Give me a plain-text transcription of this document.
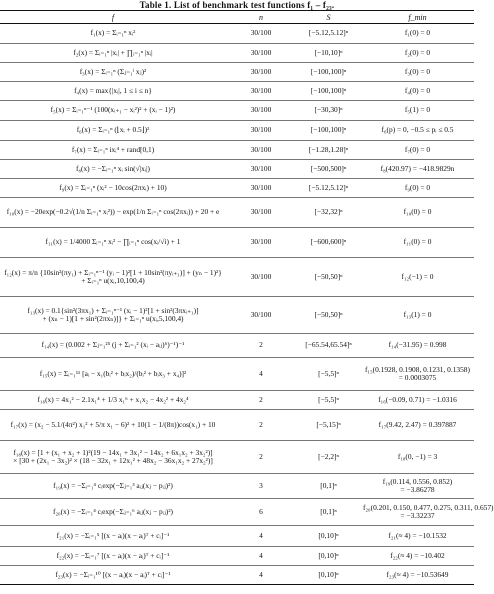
Table 1. List of benchmark test functions f₁ – f₂₃.
f	n	S	f_min

f₁(x) = Σᵢ₌₁ⁿ xᵢ²	30/100	[−5.12,5.12]ⁿ	f₁(0) = 0

f₂(x) = Σᵢ₌₁ⁿ |xᵢ| + ∏ᵢ₌₁ⁿ |xᵢ|	30/100	[−10,10]ⁿ	f₂(0) = 0

f₃(x) = Σᵢ₌₁ⁿ (Σⱼ₌₁ⁱ xⱼ)²	30/100	[−100,100]ⁿ	f₃(0) = 0

f₄(x) = max{|xᵢ|, 1 ≤ i ≤ n}	30/100	[−100,100]ⁿ	f₄(0) = 0

f₅(x) = Σᵢ₌₁ⁿ⁻¹ (100(xᵢ₊₁ − xᵢ²)² + (xᵢ − 1)²)	30/100	[−30,30]ⁿ	f₅(1) = 0

f₆(x) = Σᵢ₌₁ⁿ (⌊xᵢ + 0.5⌋)²	30/100	[−100,100]ⁿ	f₆(p) = 0, −0.5 ≤ pᵢ ≤ 0.5

f₇(x) = Σᵢ₌₁ⁿ ixᵢ⁴ + rand[0,1)	30/100	[−1.28,1.28]ⁿ	f₇(0) = 0

f₈(x) = −Σᵢ₌₁ⁿ xᵢ sin(√|xᵢ|)	30/100	[−500,500]ⁿ	f₈(420.97) = −418.9829n

f₉(x) = Σᵢ₌₁ⁿ (xᵢ² − 10cos(2πxᵢ) + 10)	30/100	[−5.12,5.12]ⁿ	f₉(0) = 0

f₁₀(x) = −20exp(−0.2√(1/n Σᵢ₌₁ⁿ xᵢ²)) − exp(1/n Σᵢ₌₁ⁿ cos(2πxᵢ)) + 20 + e	30/100	[−32,32]ⁿ	f₁₀(0) = 0

f₁₁(x) = 1/4000 Σᵢ₌₁ⁿ xᵢ² − ∏ᵢ₌₁ⁿ cos(xᵢ/√i) + 1	30/100	[−600,600]ⁿ	f₁₁(0) = 0

f₁₂(x) = π/n {10sin²(πy₁) + Σᵢ₌₁ⁿ⁻¹ (yᵢ − 1)²[1 + 10sin²(πyᵢ₊₁)] + (yₙ − 1)²}
+ Σᵢ₌₁ⁿ u(xᵢ,10,100,4)	30/100	[−50,50]ⁿ	f₁₂(−1) = 0

f₁₃(x) = 0.1{sin²(3πx₁) + Σᵢ₌₁ⁿ⁻¹ (xᵢ − 1)²[1 + sin²(3πxᵢ₊₁)]
+ (xₙ − 1)[1 + sin²(2πxₙ)]} + Σᵢ₌₁ⁿ u(xᵢ,5,100,4)	30/100	[−50,50]ⁿ	f₁₃(1) = 0

f₁₄(x) = (0.002 + Σⱼ₌₁²⁵ (j + Σᵢ₌₁² (xᵢ − aᵢⱼ)⁶)⁻¹)⁻¹	2	[−65.54,65.54]ⁿ	f₁₄(−31.95) = 0.998

f₁₅(x) = Σᵢ₌₁¹¹ [aᵢ − x₁(bᵢ² + bᵢx₂)/(bᵢ² + bᵢx₃ + x₄)]²	4	[−5,5]ⁿ	f₁₅(0.1928, 0.1908, 0.1231, 0.1358)
= 0.0003075

f₁₆(x) = 4x₁² − 2.1x₁⁴ + 1/3 x₁⁶ + x₁x₂ − 4x₂² + 4x₂⁴	2	[−5,5]ⁿ	f₁₆(−0.09, 0.71) = −1.0316

f₁₇(x) = (x₂ − 5.1/(4π²) x₁² + 5/π x₁ − 6)² + 10(1 − 1/(8π))cos(x₁) + 10	2	[−5,15]ⁿ	f₁₇(9.42, 2.47) = 0.397887

f₁₈(x) = [1 + (x₁ + x₂ + 1)²(19 − 14x₁ + 3x₁² − 14x₂ + 6x₁x₂ + 3x₂²)]
× [30 + (2x₁ − 3x₂)² × (18 − 32x₁ + 12x₁² + 48x₂ − 36x₁x₂ + 27x₂²)]	2	[−2,2]ⁿ	f₁₈(0, −1) = 3

f₁₉(x) = −Σᵢ₌₁⁴ cᵢexp(−Σⱼ₌₁³ aᵢⱼ(xⱼ − pᵢⱼ)²)	3	[0,1]ⁿ	f₁₉(0.114, 0.556, 0.852)
= −3.86278

f₂₀(x) = −Σᵢ₌₁⁴ cᵢexp(−Σⱼ₌₁⁶ aᵢⱼ(xⱼ − pᵢⱼ)²)	6	[0,1]ⁿ	f₂₀(0.201, 0.150, 0.477, 0.275, 0.311, 0.657)
= −3.32237

f₂₁(x) = −Σᵢ₌₁⁵ [(x − aᵢ)(x − aᵢ)ᵀ + cᵢ]⁻¹	4	[0,10]ⁿ	f₂₁(≈ 4) = −10.1532

f₂₂(x) = −Σᵢ₌₁⁷ [(x − aᵢ)(x − aᵢ)ᵀ + cᵢ]⁻¹	4	[0,10]ⁿ	f₂₂(≈ 4) = −10.402

f₂₃(x) = −Σᵢ₌₁¹⁰ [(x − aᵢ)(x − aᵢ)ᵀ + cᵢ]⁻¹	4	[0,10]ⁿ	f₂₃(≈ 4) = −10.53649
